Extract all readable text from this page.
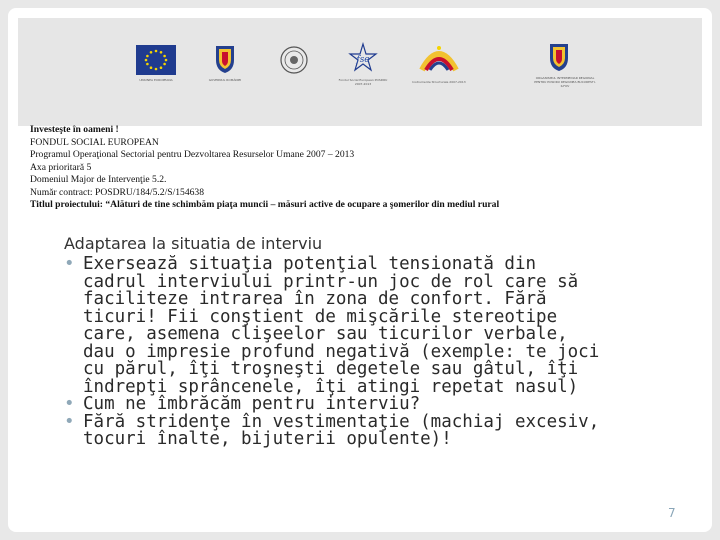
UNIUNEA EUROPEANA	GUVERNUL ROMÂNIEI
fse
Fondul Social European POSDRU 2007-2013	Instrumente Structurale 2007-2013
ORGANISMUL INTERMEDIAR REGIONAL PENTRU POSDRU REGIUNEA BUCURESTI-ILFOV
Investeşte în oameni !
FONDUL SOCIAL EUROPEAN
Programul Operaţional Sectorial pentru Dezvoltarea Resurselor Umane 2007 – 2013
Axa prioritară 5
Domeniul Major de Intervenţie 5.2.
Număr contract: POSDRU/184/5.2/S/154638
Titlul proiectului: “Alături de tine schimbăm piaţa muncii – măsuri active de ocupare a şomerilor din mediul rural
Adaptarea la situatia de interviu
• Exersează situaţia potenţial tensionată din cadrul interviului printr-un joc de rol care să faciliteze intrarea în zona de confort. Fără ticuri! Fii conştient de mişcările stereotipe care, asemena clişeelor sau ticurilor verbale, dau o impresie profund negativă (exemple: te joci cu părul, îţi troşneşti degetele sau gâtul, îţi îndrepţi sprâncenele, îţi atingi repetat nasul)
• Cum ne îmbrăcăm pentru interviu?
• Fără stridenţe în vestimentaţie (machiaj excesiv, tocuri înalte, bijuterii opulente)!
7
